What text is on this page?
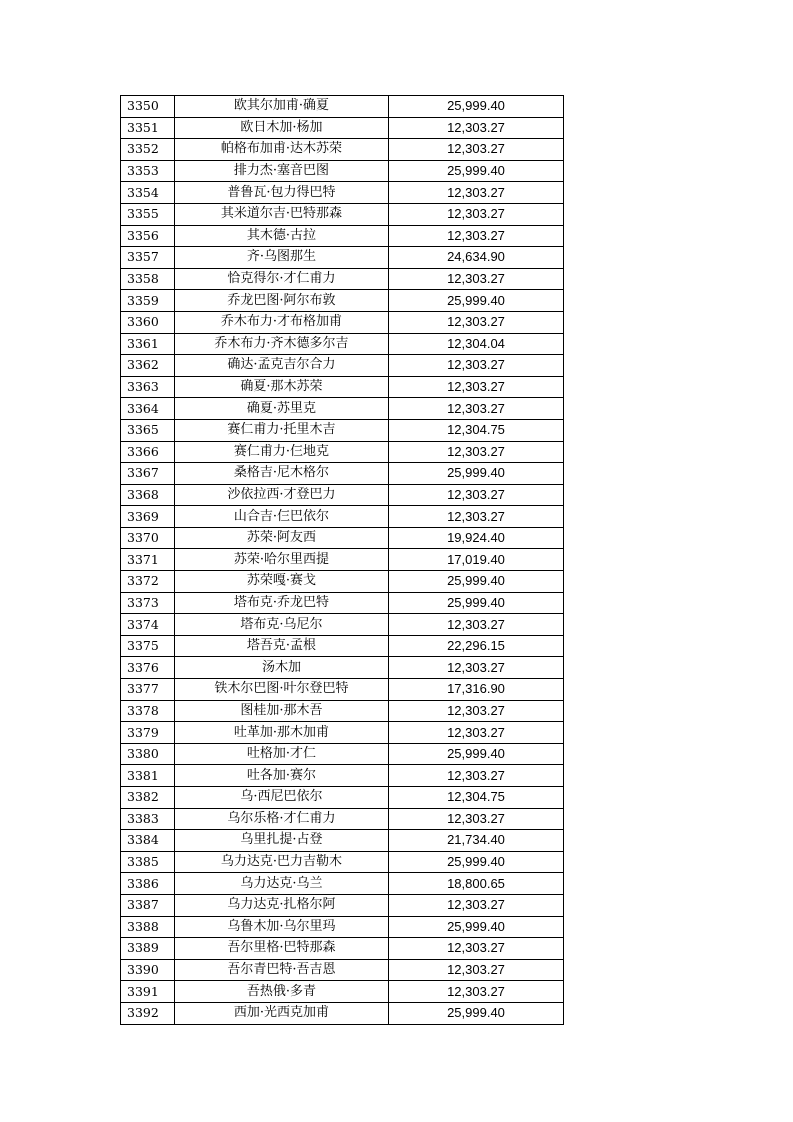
3350	欧其尔加甫·确夏	25,999.40
3351	欧日木加·杨加	12,303.27
3352	帕格布加甫·达木苏荣	12,303.27
3353	排力杰·塞音巴图	25,999.40
3354	普鲁瓦·包力得巴特	12,303.27
3355	其米道尔吉·巴特那森	12,303.27
3356	其木德·古拉	12,303.27
3357	齐·乌图那生	24,634.90
3358	恰克得尔·才仁甫力	12,303.27
3359	乔龙巴图·阿尔布敦	25,999.40
3360	乔木布力·才布格加甫	12,303.27
3361	乔木布力·齐木德多尔吉	12,304.04
3362	确达·孟克吉尔合力	12,303.27
3363	确夏·那木苏荣	12,303.27
3364	确夏·苏里克	12,303.27
3365	赛仁甫力·托里木吉	12,304.75
3366	赛仁甫力·仨地克	12,303.27
3367	桑格吉·尼木格尔	25,999.40
3368	沙依拉西·才登巴力	12,303.27
3369	山合吉·仨巴依尔	12,303.27
3370	苏荣·阿友西	19,924.40
3371	苏荣·哈尔里西提	17,019.40
3372	苏荣嘎·赛戈	25,999.40
3373	塔布克·乔龙巴特	25,999.40
3374	塔布克·乌尼尔	12,303.27
3375	塔吾克·孟根	22,296.15
3376	汤木加	12,303.27
3377	铁木尔巴图·叶尔登巴特	17,316.90
3378	图桂加·那木吾	12,303.27
3379	吐革加·那木加甫	12,303.27
3380	吐格加·才仁	25,999.40
3381	吐各加·赛尔	12,303.27
3382	乌·西尼巴依尔	12,304.75
3383	乌尔乐格·才仁甫力	12,303.27
3384	乌里扎提·占登	21,734.40
3385	乌力达克·巴力吉勒木	25,999.40
3386	乌力达克·乌兰	18,800.65
3387	乌力达克·扎格尔阿	12,303.27
3388	乌鲁木加·乌尔里玛	25,999.40
3389	吾尔里格·巴特那森	12,303.27
3390	吾尔青巴特·吾吉恩	12,303.27
3391	吾热俄·多青	12,303.27
3392	西加·光西克加甫	25,999.40
